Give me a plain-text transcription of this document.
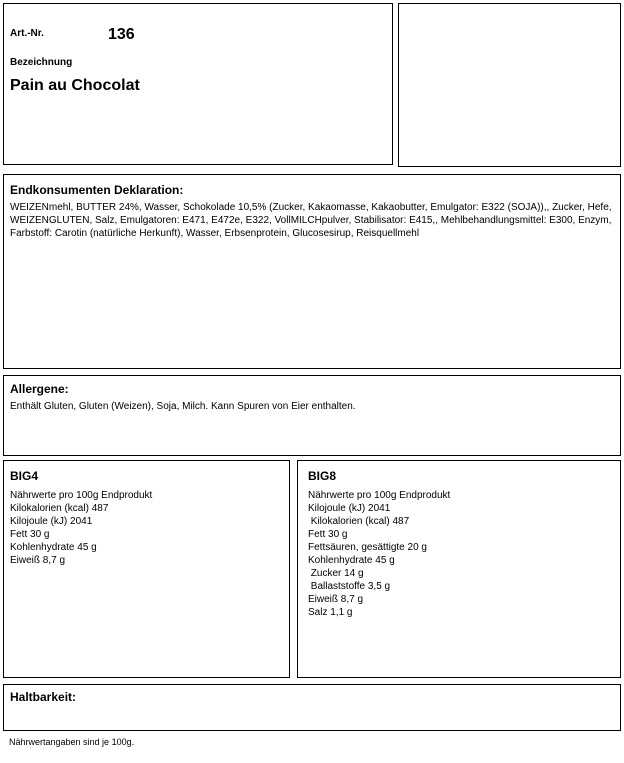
Art.-Nr.	136
Bezeichnung
Pain au Chocolat
Endkonsumenten Deklaration:
WEIZENmehl, BUTTER 24%, Wasser, Schokolade 10,5% (Zucker, Kakaomasse, Kakaobutter, Emulgator: E322 (SOJA)),, Zucker, Hefe, WEIZENGLUTEN, Salz, Emulgatoren: E471, E472e, E322, VollMILCHpulver, Stabilisator: E415,, Mehlbehandlungsmittel: E300, Enzym, Farbstoff: Carotin (natürliche Herkunft), Wasser, Erbsenprotein, Glucosesirup, Reisquellmehl
Allergene:
Enthält Gluten, Gluten (Weizen), Soja, Milch. Kann Spuren von Eier enthalten.
BIG4
Nährwerte pro 100g Endprodukt
Kilokalorien (kcal) 487
Kilojoule (kJ) 2041
Fett 30 g
Kohlenhydrate 45 g
Eiweiß 8,7 g
BIG8
Nährwerte pro 100g Endprodukt
Kilojoule (kJ) 2041
Kilokalorien (kcal) 487
Fett 30 g
Fettsäuren, gesättigte 20 g
Kohlenhydrate 45 g
Zucker 14 g
Ballaststoffe 3,5 g
Eiweiß 8,7 g
Salz 1,1 g
Haltbarkeit:
Nährwertangaben sind je 100g.
